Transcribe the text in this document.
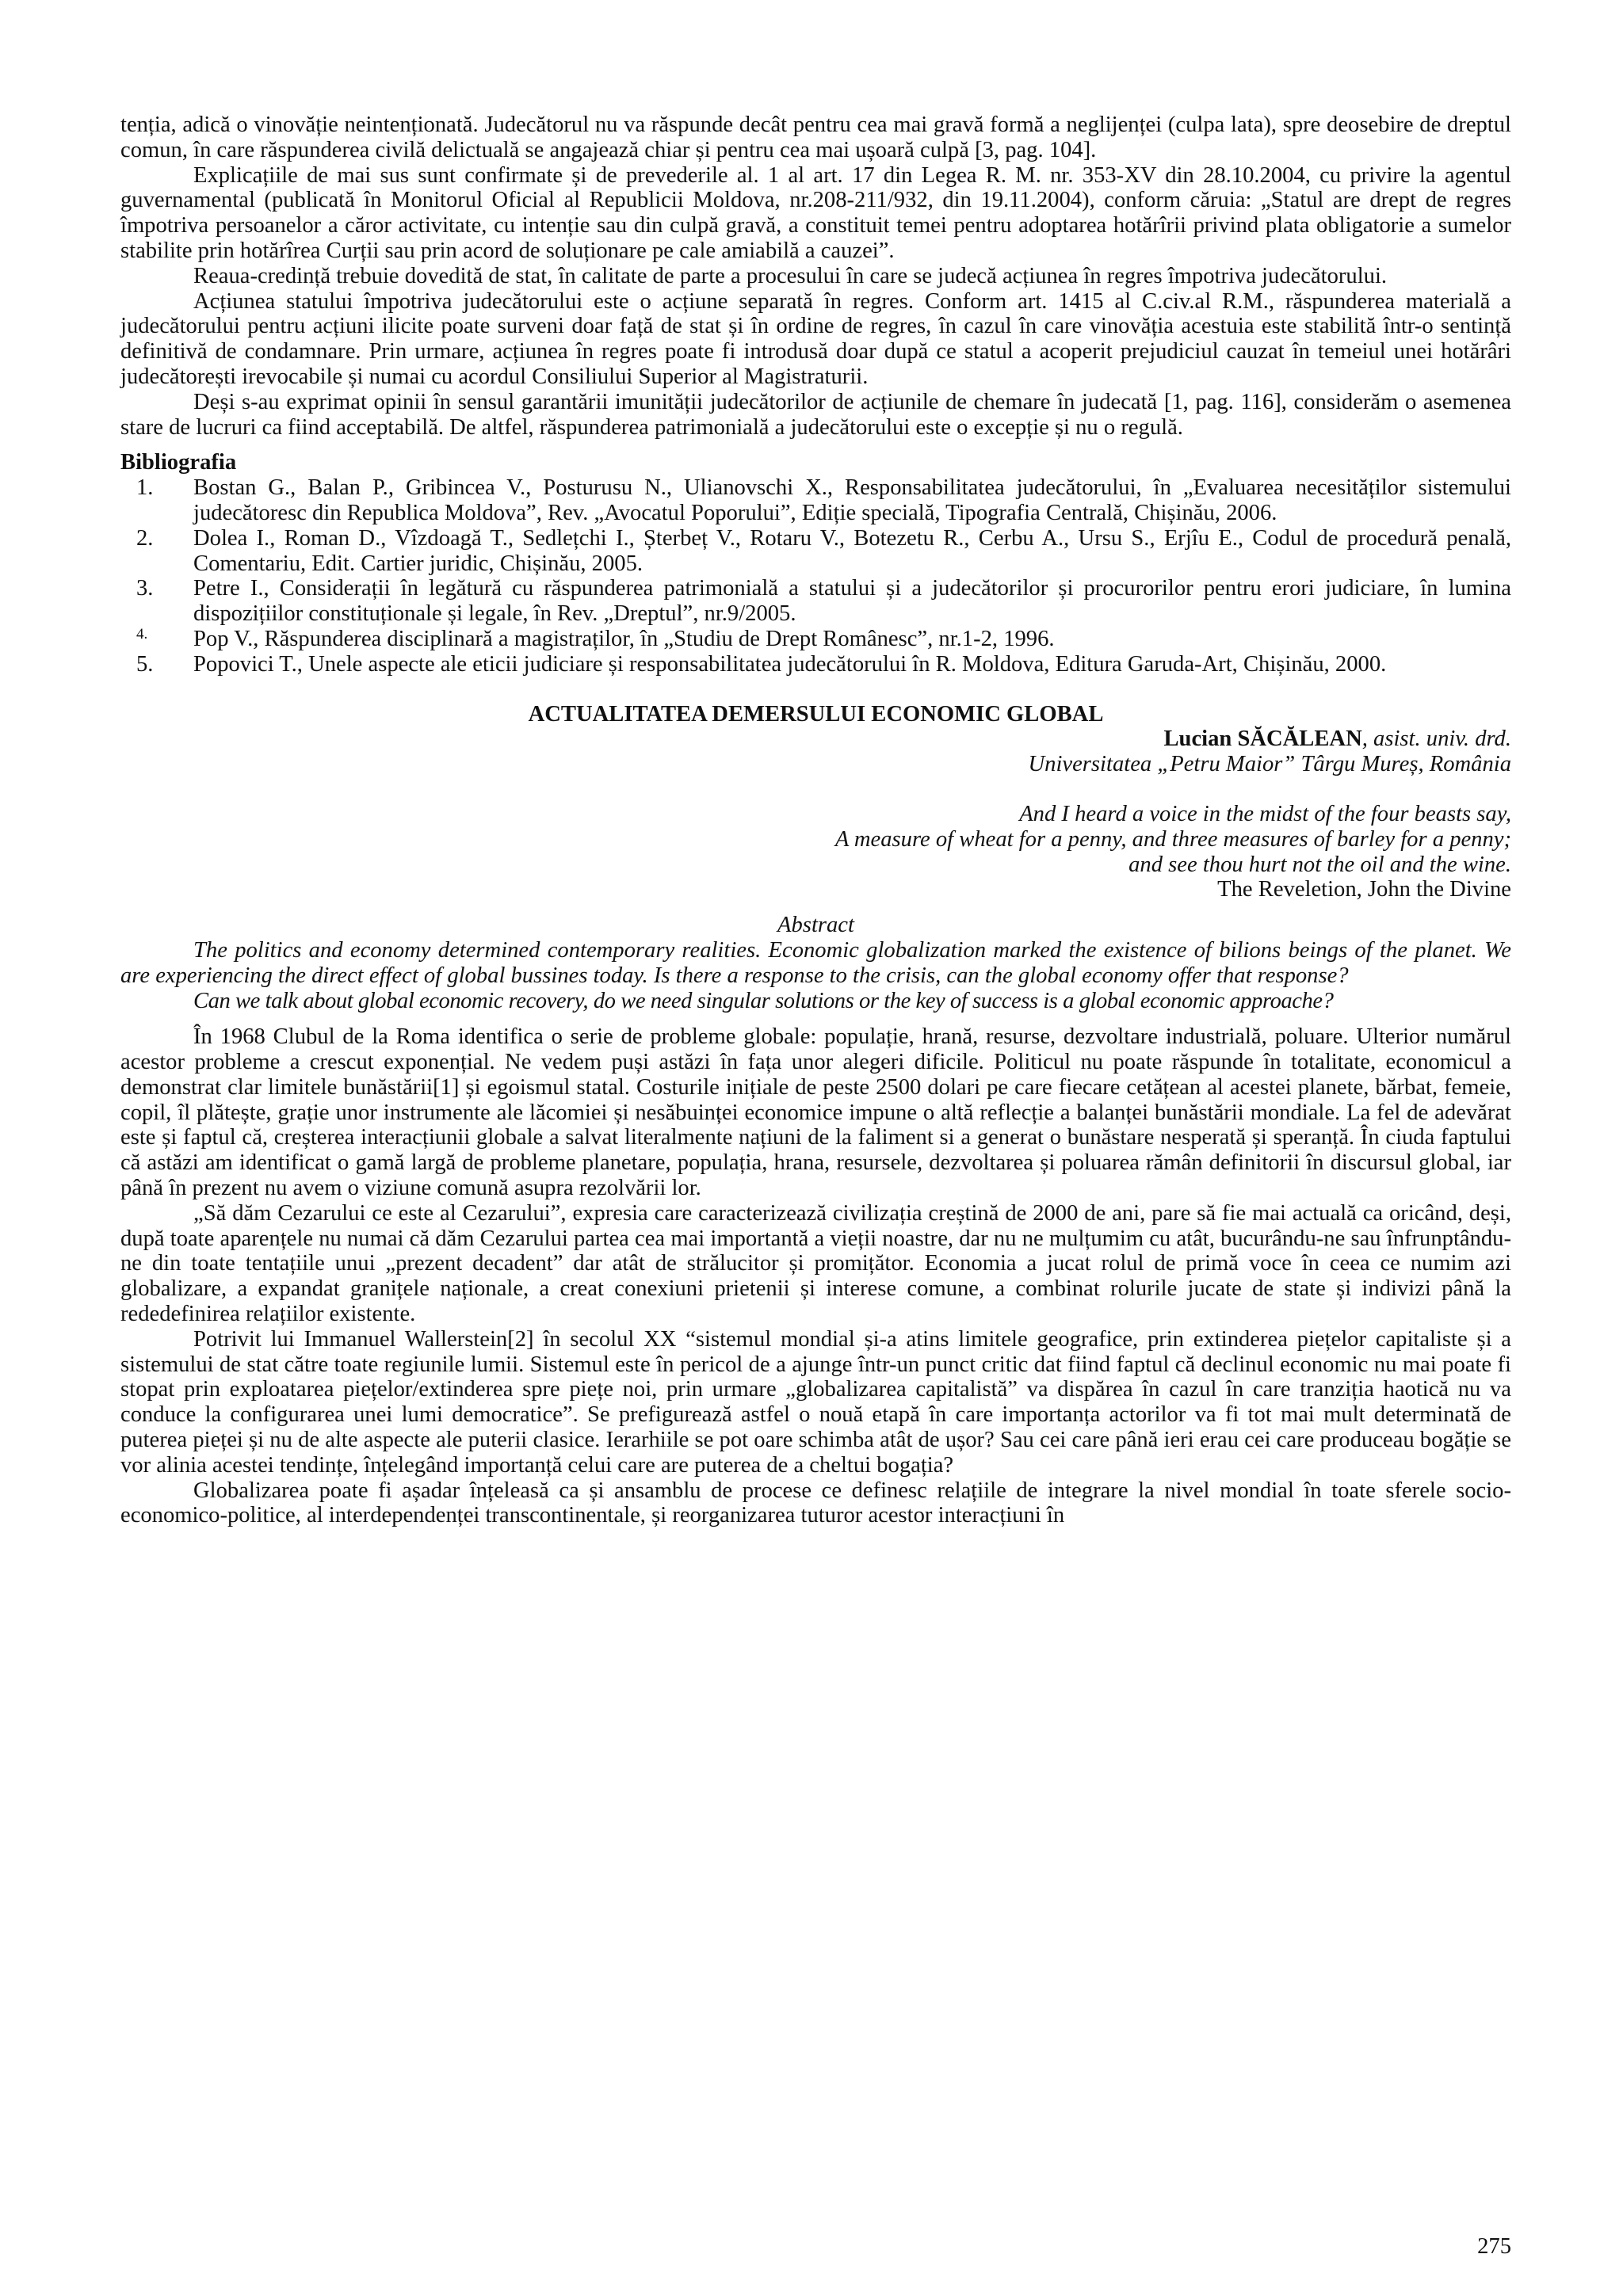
tenția, adică o vinovăție neintenționată. Judecătorul nu va răspunde decât pentru cea mai gravă formă a neglijenței (culpa lata), spre deosebire de dreptul comun, în care răspunderea civilă delictuală se angajează chiar și pentru cea mai ușoară culpă [3, pag. 104].

Explicațiile de mai sus sunt confirmate și de prevederile al. 1 al art. 17 din Legea R. M. nr. 353-XV din 28.10.2004, cu privire la agentul guvernamental (publicată în Monitorul Oficial al Republicii Moldova, nr.208-211/932, din 19.11.2004), conform căruia: „Statul are drept de regres împotriva persoanelor a căror activitate, cu intenție sau din culpă gravă, a constituit temei pentru adoptarea hotărîrii privind plata obligatorie a sumelor stabilite prin hotărîrea Curții sau prin acord de soluționare pe cale amiabilă a cauzei”.

Reaua-credință trebuie dovedită de stat, în calitate de parte a procesului în care se judecă acțiunea în regres împotriva judecătorului.

Acțiunea statului împotriva judecătorului este o acțiune separată în regres. Conform art. 1415 al C.civ.al R.M., răspunderea materială a judecătorului pentru acțiuni ilicite poate surveni doar față de stat și în ordine de regres, în cazul în care vinovăția acestuia este stabilită într-o sentință definitivă de condamnare. Prin urmare, acțiunea în regres poate fi introdusă doar după ce statul a acoperit prejudiciul cauzat în temeiul unei hotărâri judecătorești irevocabile și numai cu acordul Consiliului Superior al Magistraturii.

Deși s-au exprimat opinii în sensul garantării imunității judecătorilor de acțiunile de chemare în judecată [1, pag. 116], considerăm o asemenea stare de lucruri ca fiind acceptabilă. De altfel, răspunderea patrimonială a judecătorului este o excepție și nu o regulă.

Bibliografia
1. Bostan G., Balan P., Gribincea V., Posturusu N., Ulianovschi X., Responsabilitatea judecătorului, în „Evaluarea necesităților sistemului judecătoresc din Republica Moldova”, Rev. „Avocatul Poporului”, Ediție specială, Tipografia Centrală, Chișinău, 2006.
2. Dolea I., Roman D., Vîzdoagă T., Sedlețchi I., Șterbeț V., Rotaru V., Botezetu R., Cerbu A., Ursu S., Erjîu E., Codul de procedură penală, Comentariu, Edit. Cartier juridic, Chișinău, 2005.
3. Petre I., Considerații în legătură cu răspunderea patrimonială a statului și a judecătorilor și procurorilor pentru erori judiciare, în lumina dispozițiilor constituționale și legale, în Rev. „Dreptul”, nr.9/2005.
4. Pop V., Răspunderea disciplinară a magistraților, în „Studiu de Drept Românesc”, nr.1-2, 1996.
5. Popovici T., Unele aspecte ale eticii judiciare și responsabilitatea judecătorului în R. Moldova, Editura Garuda-Art, Chișinău, 2000.
ACTUALITATEA DEMERSULUI ECONOMIC GLOBAL
Lucian SĂCĂLEAN, asist. univ. drd.
Universitatea „Petru Maior” Târgu Mureș, România
And I heard a voice in the midst of the four beasts say,
A measure of wheat for a penny, and three measures of barley for a penny;
and see thou hurt not the oil and the wine.
The Reveletion, John the Divine
Abstract

The politics and economy determined contemporary realities. Economic globalization marked the existence of bilions beings of the planet. We are experiencing the direct effect of global bussines today. Is there a response to the crisis, can the global economy offer that response?

Can we talk about global economic recovery, do we need singular solutions or the key of success is a global economic approache?

În 1968 Clubul de la Roma identifica o serie de probleme globale: populație, hrană, resurse, dezvoltare industrială, poluare. Ulterior numărul acestor probleme a crescut exponențial. Ne vedem puși astăzi în fața unor alegeri dificile. Politicul nu poate răspunde în totalitate, economicul a demonstrat clar limitele bunăstării[1] și egoismul statal. Costurile inițiale de peste 2500 dolari pe care fiecare cetățean al acestei planete, bărbat, femeie, copil, îl plătește, grație unor instrumente ale lăcomiei și nesăbuințeі economice impune o altă reflecție a balanței bunăstării mondiale. La fel de adevărat este și faptul că, creșterea interacțiunii globale a salvat literalmente națiuni de la faliment si a generat o bunăstare nesperată și speranță. În ciuda faptului că astăzi am identificat o gamă largă de probleme planetare, populația, hrana, resursele, dezvoltarea și poluarea rămân definitorii în discursul global, iar până în prezent nu avem o viziune comună asupra rezolvării lor.

„Să dăm Cezarului ce este al Cezarului”, expresia care caracterizează civilizația creștină de 2000 de ani, pare să fie mai actuală ca oricând, deși, după toate aparențele nu numai că dăm Cezarului partea cea mai importantă a vieții noastre, dar nu ne mulțumim cu atât, bucurându-ne sau înfrunptându-ne din toate tentațiile unui „prezent decadent” dar atât de strălucitor și promițător. Economia a jucat rolul de primă voce în ceea ce numim azi globalizare, a expandat granițele naționale, a creat conexiuni prietenii și interese comune, a combinat rolurile jucate de state și indivizi până la rededefinirea relațiilor existente.

Potrivit lui Immanuel Wallerstein[2] în secolul XX “sistemul mondial și-a atins limitele geografice, prin extinderea piețelor capitaliste și a sistemului de stat către toate regiunile lumii. Sistemul este în pericol de a ajunge într-un punct critic dat fiind faptul că declinul economic nu mai poate fi stopat prin exploatarea piețelor/extinderea spre piețe noi, prin urmare „globalizarea capitalistă” va dispărea în cazul în care tranziția haotică nu va conduce la configurarea unei lumi democratice”. Se prefigurează astfel o nouă etapă în care importanța actorilor va fi tot mai mult determinată de puterea pieței și nu de alte aspecte ale puterii clasice. Ierarhiile se pot oare schimba atât de ușor? Sau cei care până ieri erau cei care produceau bogăție se vor alinia acestei tendințe, înțelegând importanță celui care are puterea de a cheltui bogația?

Globalizarea poate fi așadar înțeleasă ca și ansamblu de procese ce definesc relațiile de integrare la nivel mondial în toate sferele socio-economico-politice, al interdependenței transcontinentale, și reorganizarea tuturor acestor interacțiuni în

275
